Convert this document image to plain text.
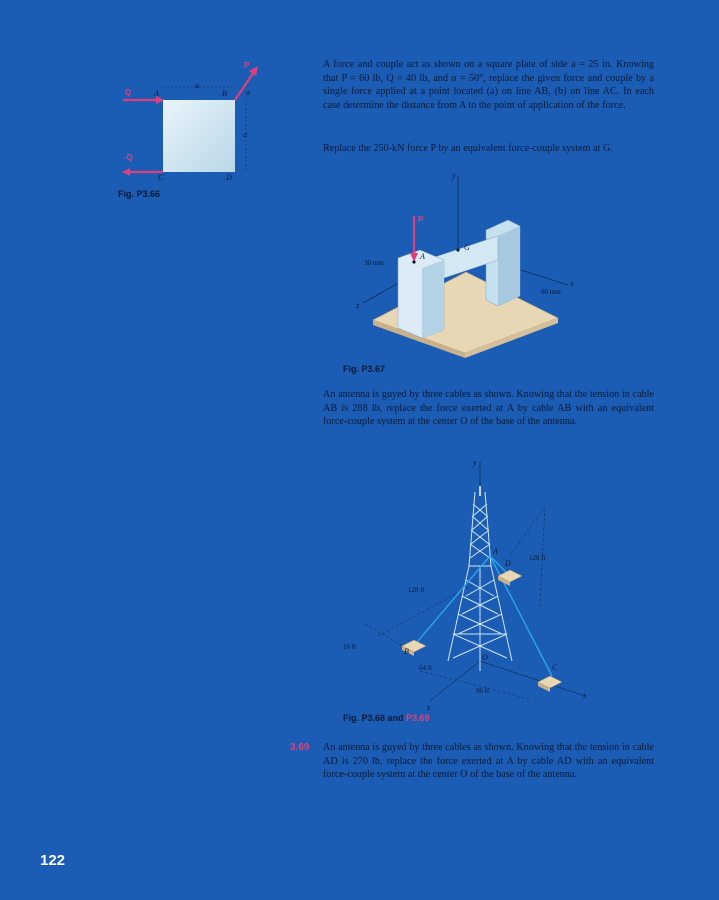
Q
-Q
P
A	B
C	D
a
a
α
Fig. P3.66

A force and couple act as shown on a square plate of side a = 25 in. Knowing that P = 60 lb, Q = 40 lb, and α = 50°, replace the given force and couple by a single force applied at a point located (a) on line AB, (b) on line AC. In each case determine the distance from A to the point of application of the force.

Replace the 250-kN force P by an equivalent force-couple system at G.

y
x
z
P
A
G
30 mm
60 mm
Fig. P3.67

An antenna is guyed by three cables as shown. Knowing that the tension in cable AB is 288 lb, replace the force exerted at A by cable AB with an equivalent force-couple system at the center O of the base of the antenna.

y
x
z
A
B
C
D
O
128 ft
128 ft
16 ft
64 ft
96 ft
Fig. P3.68 and P3.69
3.69 An antenna is guyed by three cables as shown. Knowing that the tension in cable AD is 270 lb, replace the force exerted at A by cable AD with an equivalent force-couple system at the center O of the base of the antenna.

122
